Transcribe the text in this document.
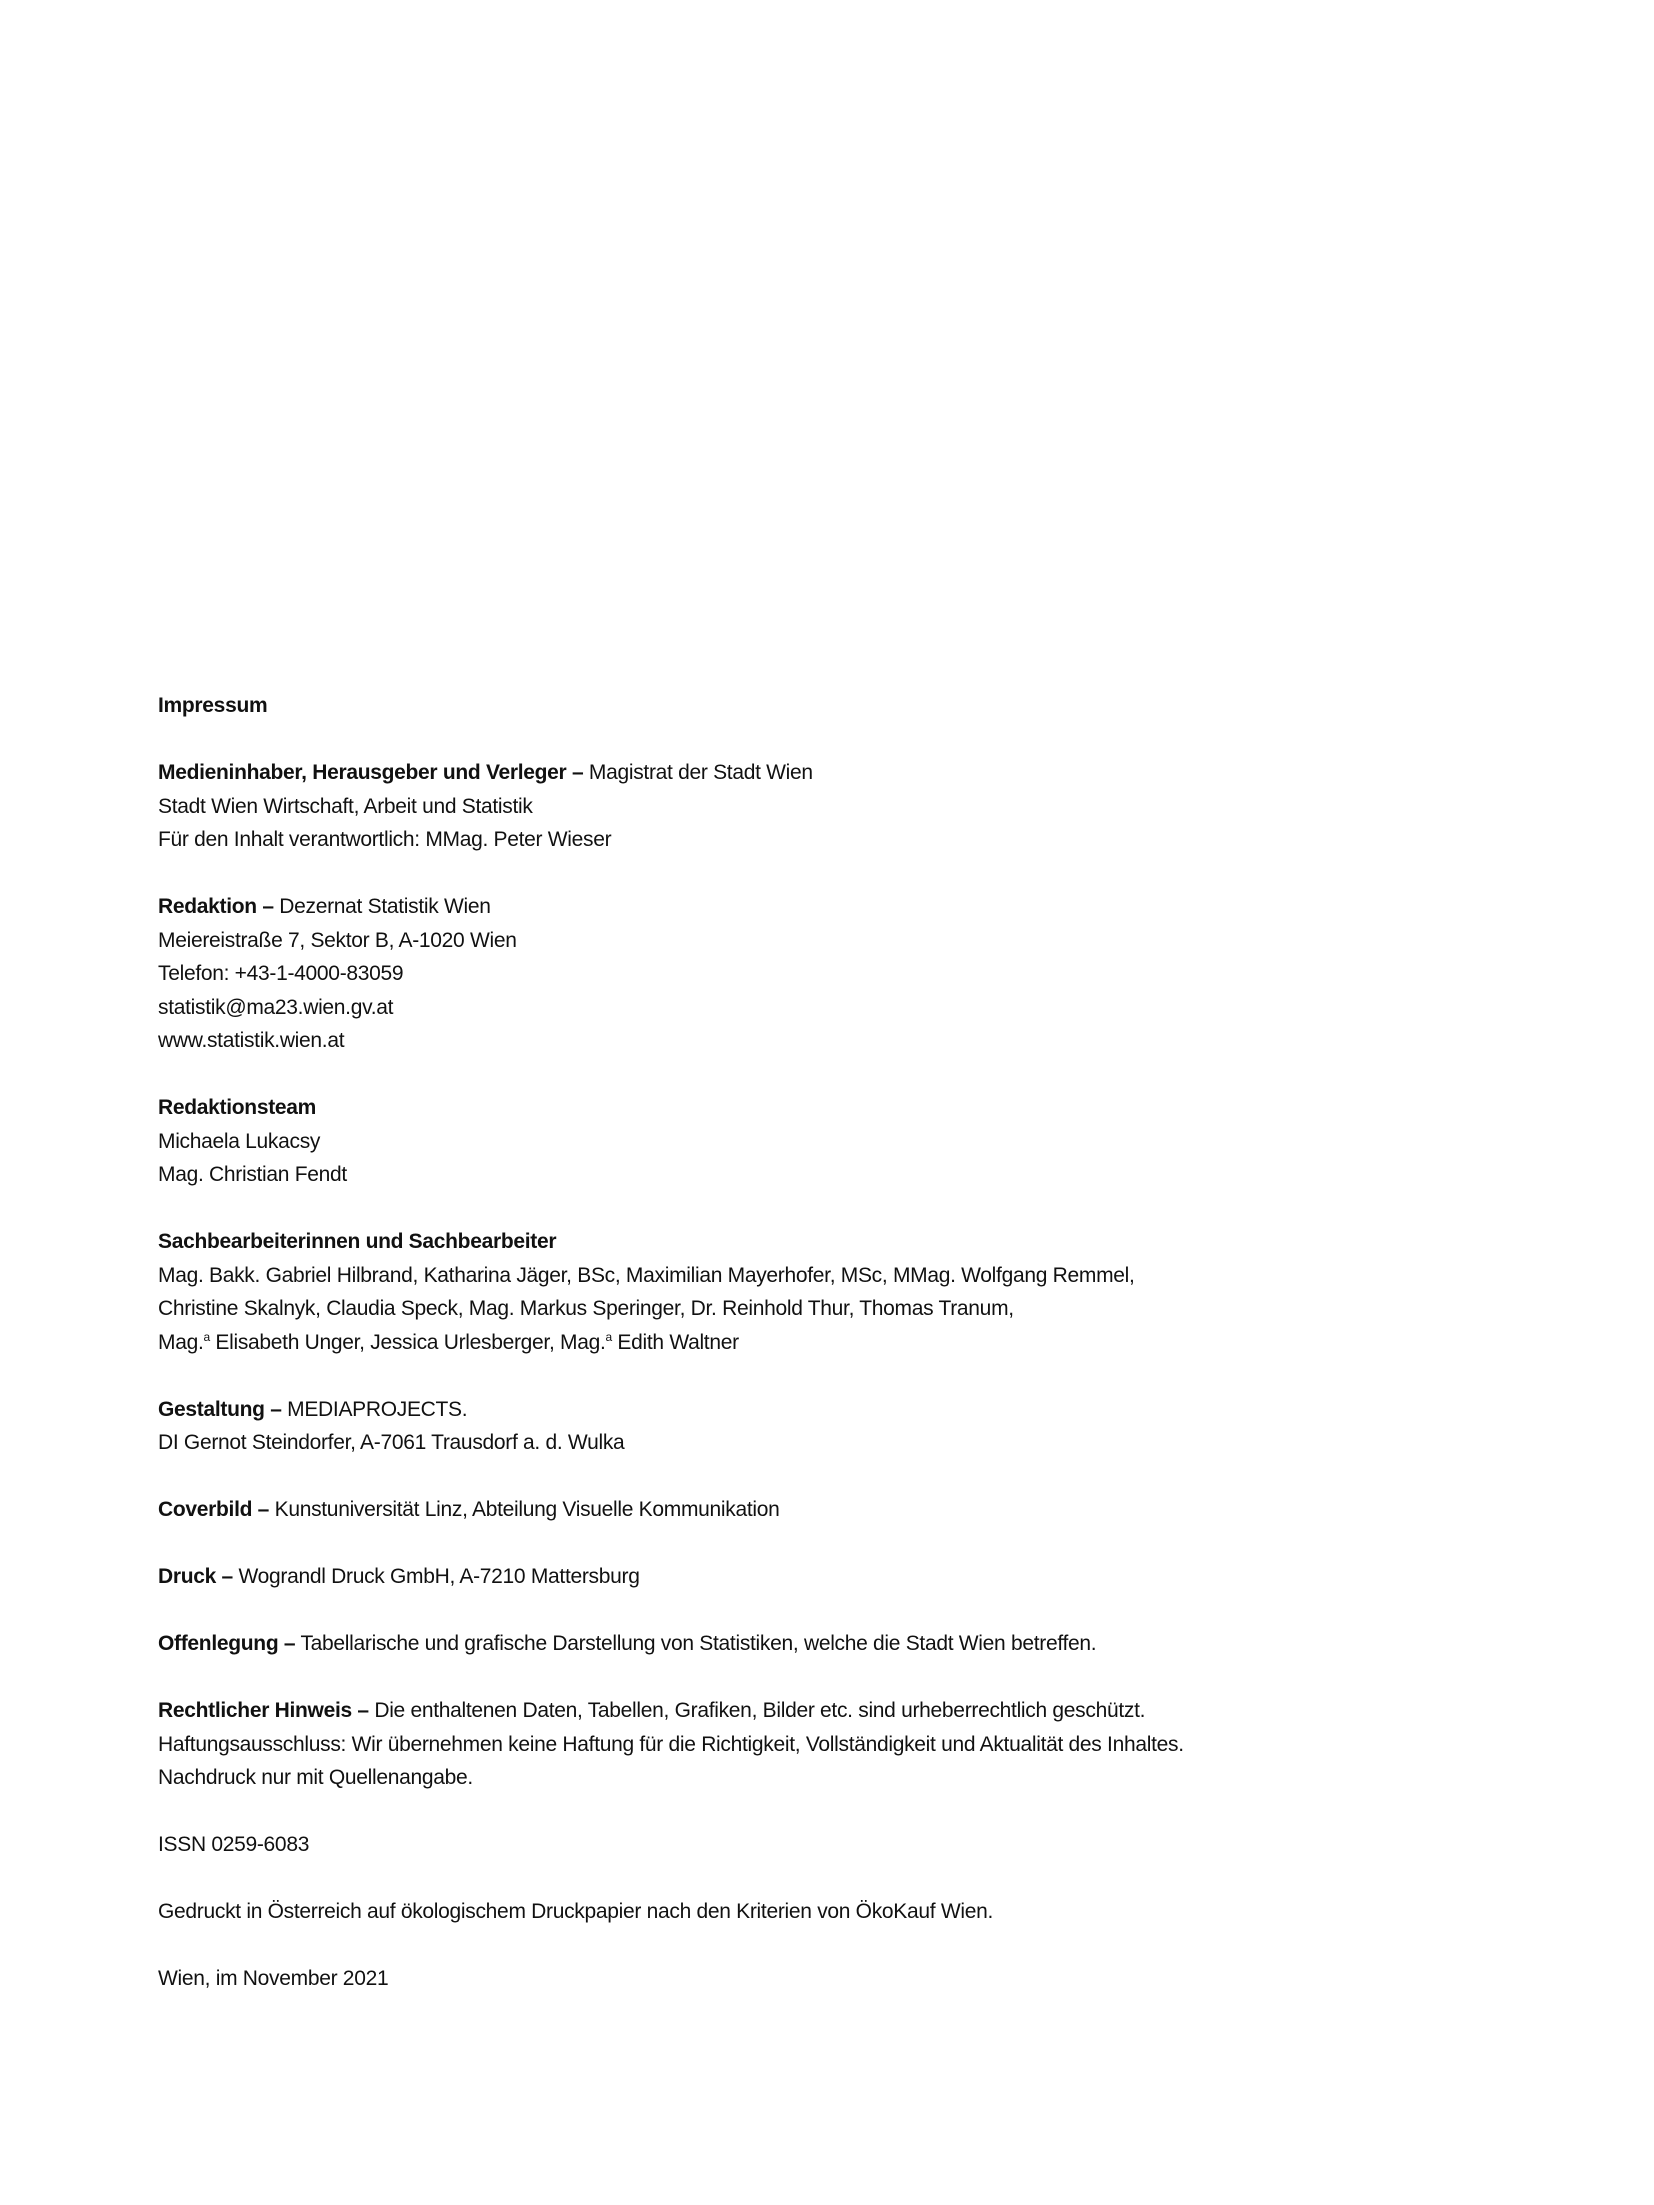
Impressum

Medieninhaber, Herausgeber und Verleger – Magistrat der Stadt Wien
Stadt Wien Wirtschaft, Arbeit und Statistik
Für den Inhalt verantwortlich: MMag. Peter Wieser

Redaktion – Dezernat Statistik Wien
Meiereistraße 7, Sektor B, A-1020 Wien
Telefon: +43-1-4000-83059
statistik@ma23.wien.gv.at
www.statistik.wien.at

Redaktionsteam
Michaela Lukacsy
Mag. Christian Fendt

Sachbearbeiterinnen und Sachbearbeiter
Mag. Bakk. Gabriel Hilbrand, Katharina Jäger, BSc, Maximilian Mayerhofer, MSc, MMag. Wolfgang Remmel,
Christine Skalnyk, Claudia Speck, Mag. Markus Speringer, Dr. Reinhold Thur, Thomas Tranum,
Mag.$^a$ Elisabeth Unger, Jessica Urlesberger, Mag.$^a$ Edith Waltner

Gestaltung – MEDIAPROJECTS.
DI Gernot Steindorfer, A-7061 Trausdorf a. d. Wulka

Coverbild – Kunstuniversität Linz, Abteilung Visuelle Kommunikation

Druck – Wograndl Druck GmbH, A-7210 Mattersburg

Offenlegung – Tabellarische und grafische Darstellung von Statistiken, welche die Stadt Wien betreffen.

Rechtlicher Hinweis – Die enthaltenen Daten, Tabellen, Grafiken, Bilder etc. sind urheberrechtlich geschützt.
Haftungsausschluss: Wir übernehmen keine Haftung für die Richtigkeit, Vollständigkeit und Aktualität des Inhaltes.
Nachdruck nur mit Quellenangabe.

ISSN 0259-6083

Gedruckt in Österreich auf ökologischem Druckpapier nach den Kriterien von ÖkoKauf Wien.

Wien, im November 2021
